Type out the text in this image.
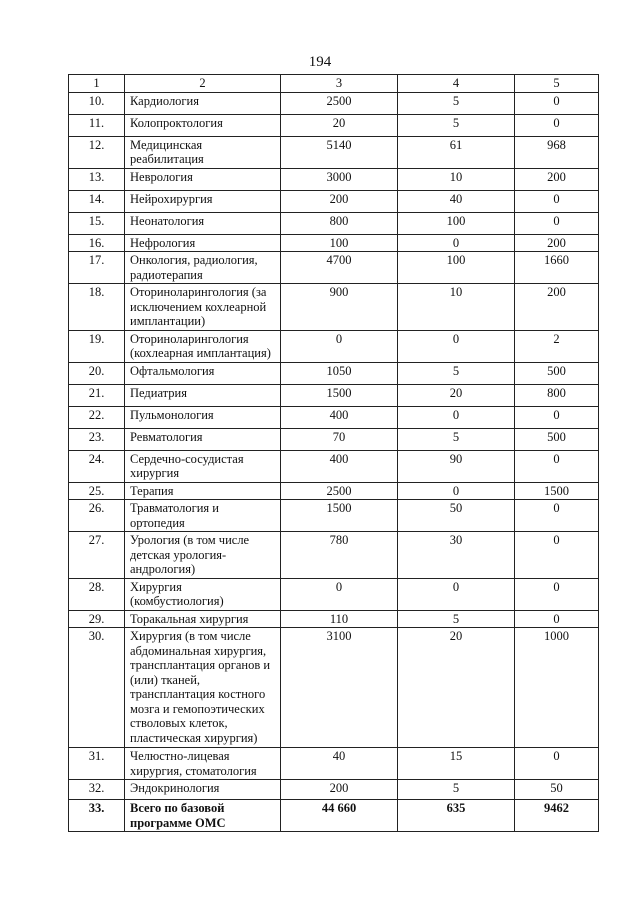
194
1	2	3	4	5
10.	Кардиология	2500	5	0
11.	Колопроктология	20	5	0
12.	Медицинская реабилитация	5140	61	968
13.	Неврология	3000	10	200
14.	Нейрохирургия	200	40	0
15.	Неонатология	800	100	0
16.	Нефрология	100	0	200
17.	Онкология, радиология, радиотерапия	4700	100	1660
18.	Оториноларингология (за исключением кохлеарной имплантации)	900	10	200
19.	Оториноларингология (кохлеарная имплантация)	0	0	2
20.	Офтальмология	1050	5	500
21.	Педиатрия	1500	20	800
22.	Пульмонология	400	0	0
23.	Ревматология	70	5	500
24.	Сердечно-сосудистая хирургия	400	90	0
25.	Терапия	2500	0	1500
26.	Травматология и ортопедия	1500	50	0
27.	Урология (в том числе детская урология-андрология)	780	30	0
28.	Хирургия (комбустиология)	0	0	0
29.	Торакальная хирургия	110	5	0
30.	Хирургия (в том числе абдоминальная хирургия, трансплантация органов и (или) тканей, трансплантация костного мозга и гемопоэтических стволовых клеток, пластическая хирургия)	3100	20	1000
31.	Челюстно-лицевая хирургия, стоматология	40	15	0
32.	Эндокринология	200	5	50
33.	Всего по базовой программе ОМС	44 660	635	9462
